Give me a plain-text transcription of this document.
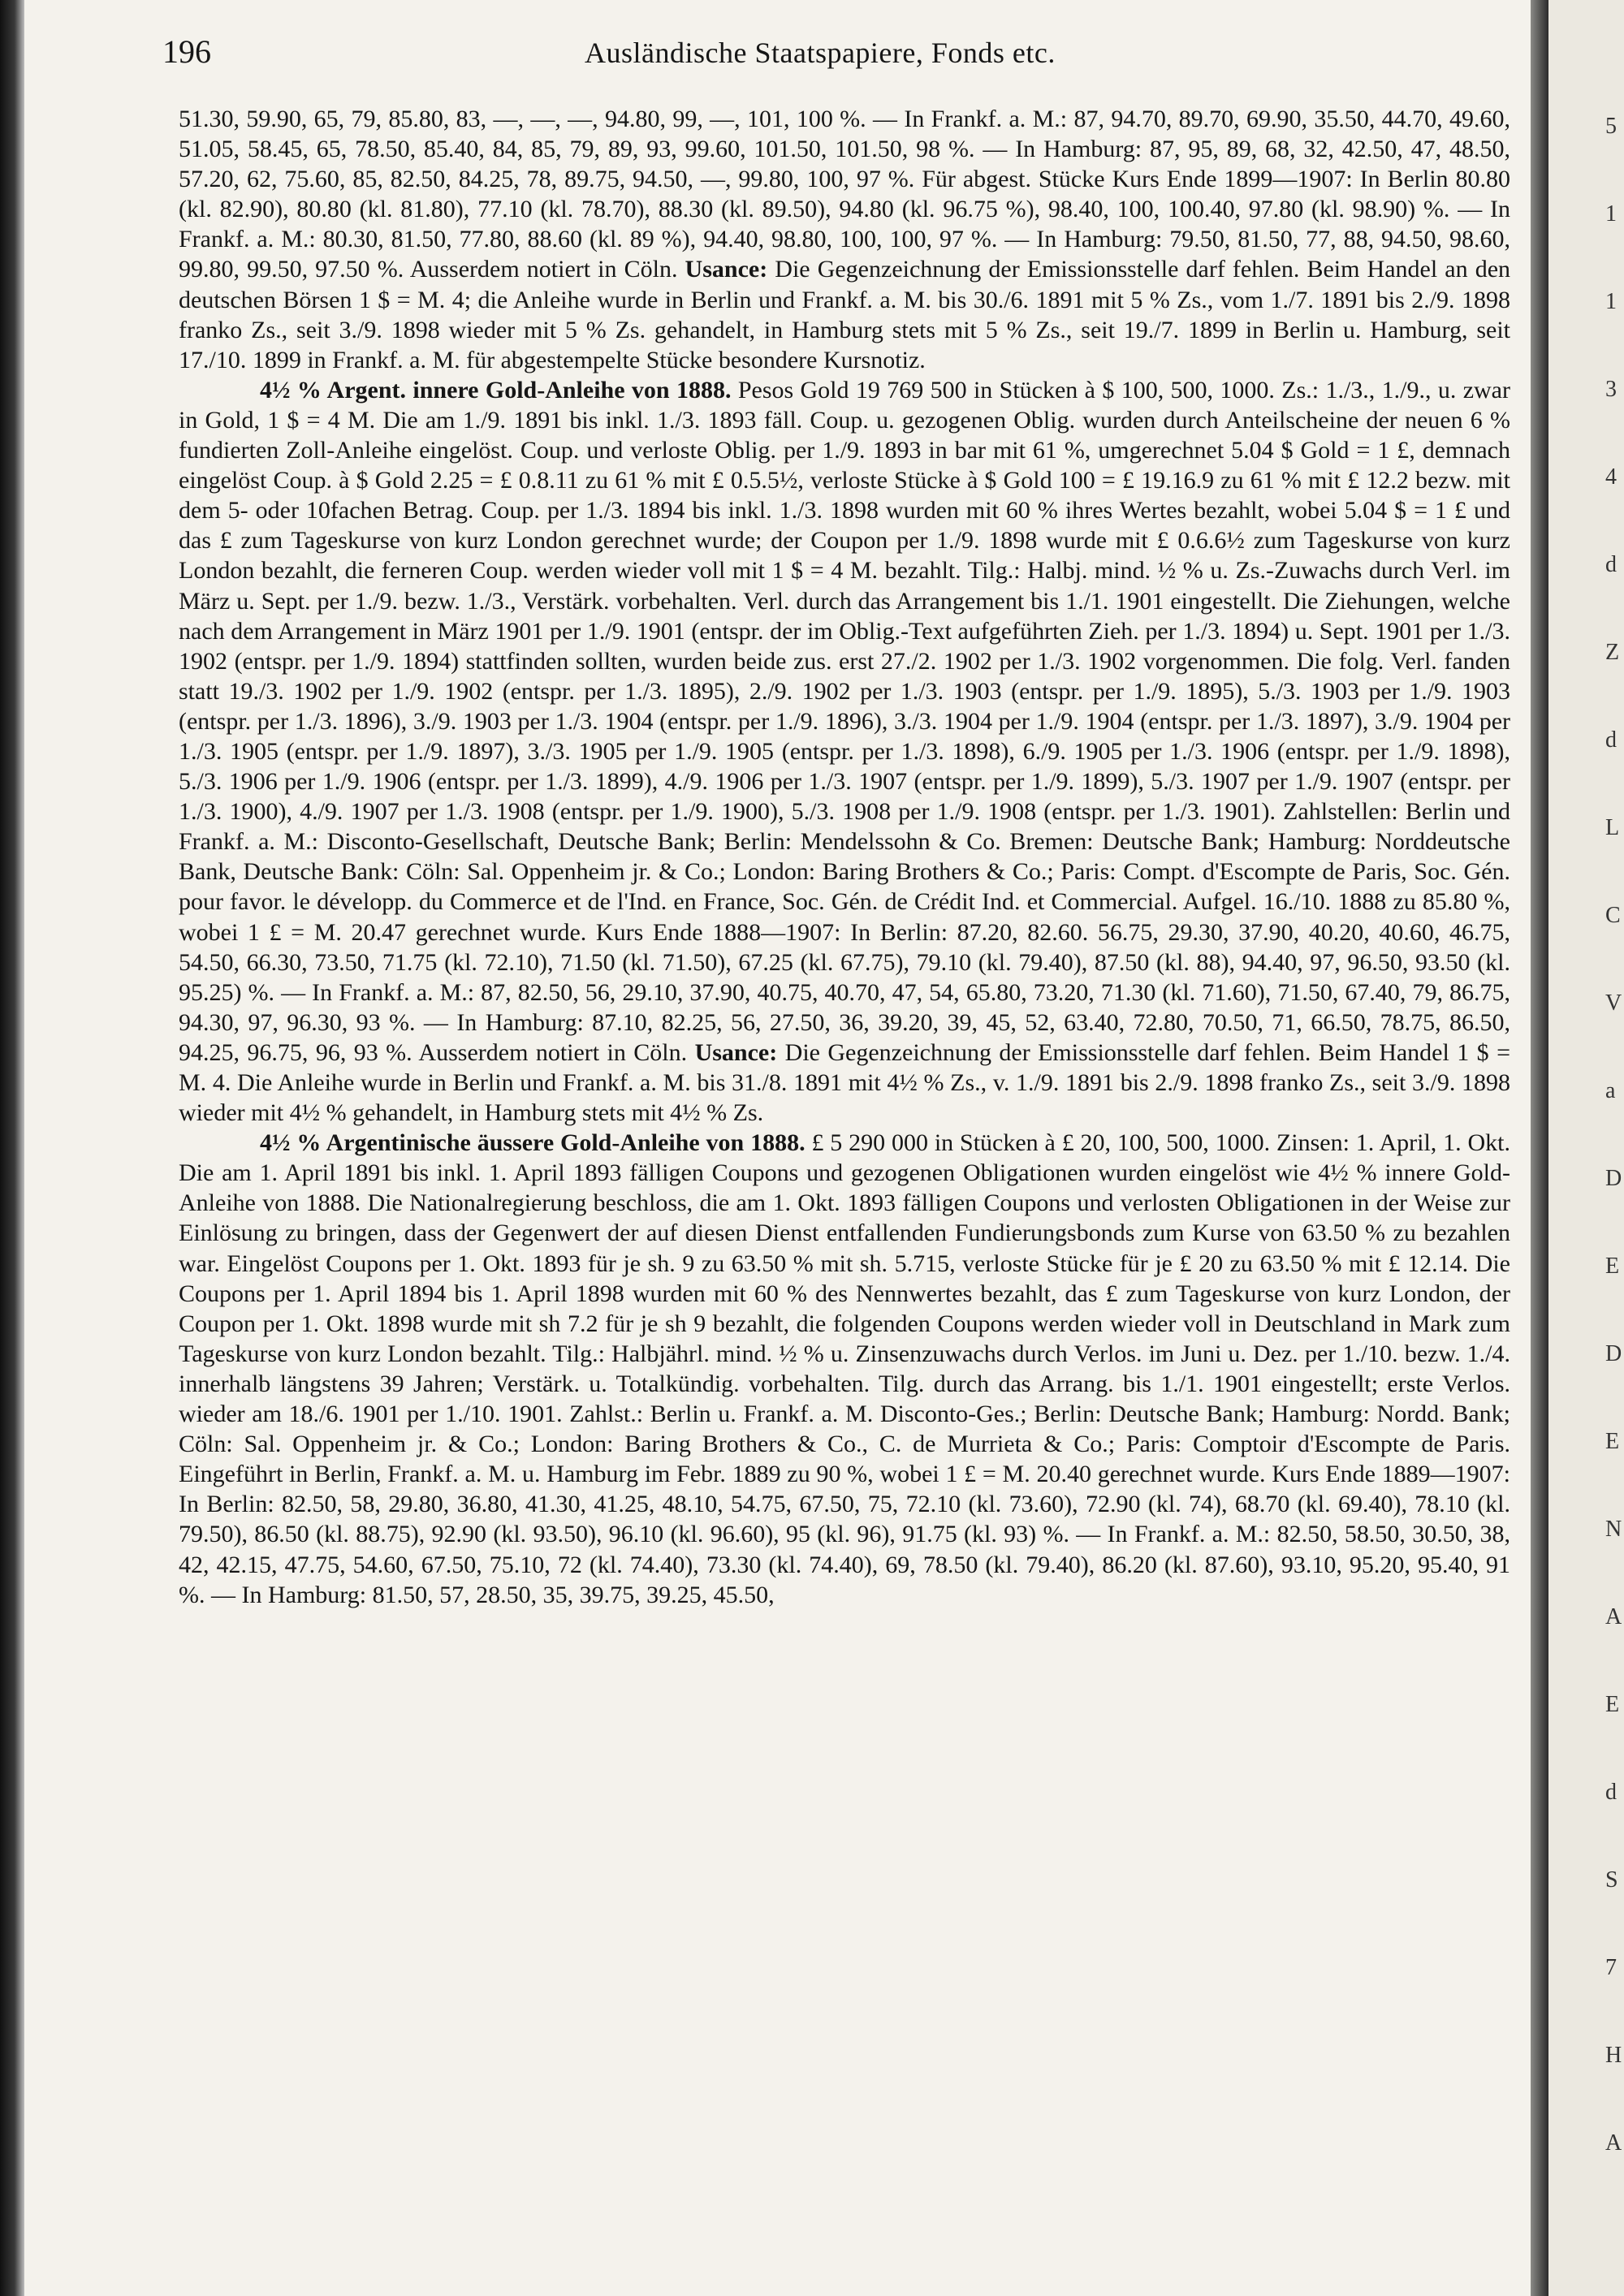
196	Ausländische Staatspapiere, Fonds etc.

51.30, 59.90, 65, 79, 85.80, 83, —, —, —, 94.80, 99, —, 101, 100 %. — In Frankf. a. M.: 87, 94.70, 89.70, 69.90, 35.50, 44.70, 49.60, 51.05, 58.45, 65, 78.50, 85.40, 84, 85, 79, 89, 93, 99.60, 101.50, 101.50, 98 %. — In Hamburg: 87, 95, 89, 68, 32, 42.50, 47, 48.50, 57.20, 62, 75.60, 85, 82.50, 84.25, 78, 89.75, 94.50, —, 99.80, 100, 97 %. Für abgest. Stücke Kurs Ende 1899—1907: In Berlin 80.80 (kl. 82.90), 80.80 (kl. 81.80), 77.10 (kl. 78.70), 88.30 (kl. 89.50), 94.80 (kl. 96.75 %), 98.40, 100, 100.40, 97.80 (kl. 98.90) %. — In Frankf. a. M.: 80.30, 81.50, 77.80, 88.60 (kl. 89 %), 94.40, 98.80, 100, 100, 97 %. — In Hamburg: 79.50, 81.50, 77, 88, 94.50, 98.60, 99.80, 99.50, 97.50 %. Ausserdem notiert in Cöln. Usance: Die Gegenzeichnung der Emissionsstelle darf fehlen. Beim Handel an den deutschen Börsen 1 $ = M. 4; die Anleihe wurde in Berlin und Frankf. a. M. bis 30./6. 1891 mit 5 % Zs., vom 1./7. 1891 bis 2./9. 1898 franko Zs., seit 3./9. 1898 wieder mit 5 % Zs. gehandelt, in Hamburg stets mit 5 % Zs., seit 19./7. 1899 in Berlin u. Hamburg, seit 17./10. 1899 in Frankf. a. M. für abgestempelte Stücke besondere Kursnotiz.

4½ % Argent. innere Gold-Anleihe von 1888. Pesos Gold 19 769 500 in Stücken à $ 100, 500, 1000. Zs.: 1./3., 1./9., u. zwar in Gold, 1 $ = 4 M. Die am 1./9. 1891 bis inkl. 1./3. 1893 fäll. Coup. u. gezogenen Oblig. wurden durch Anteilscheine der neuen 6 % fundierten Zoll-Anleihe eingelöst. Coup. und verloste Oblig. per 1./9. 1893 in bar mit 61 %, umgerechnet 5.04 $ Gold = 1 £, demnach eingelöst Coup. à $ Gold 2.25 = £ 0.8.11 zu 61 % mit £ 0.5.5½, verloste Stücke à $ Gold 100 = £ 19.16.9 zu 61 % mit £ 12.2 bezw. mit dem 5- oder 10fachen Betrag. Coup. per 1./3. 1894 bis inkl. 1./3. 1898 wurden mit 60 % ihres Wertes bezahlt, wobei 5.04 $ = 1 £ und das £ zum Tageskurse von kurz London gerechnet wurde; der Coupon per 1./9. 1898 wurde mit £ 0.6.6½ zum Tageskurse von kurz London bezahlt, die ferneren Coup. werden wieder voll mit 1 $ = 4 M. bezahlt. Tilg.: Halbj. mind. ½ % u. Zs.-Zuwachs durch Verl. im März u. Sept. per 1./9. bezw. 1./3., Verstärk. vorbehalten. Verl. durch das Arrangement bis 1./1. 1901 eingestellt. Die Ziehungen, welche nach dem Arrangement in März 1901 per 1./9. 1901 (entspr. der im Oblig.-Text aufgeführten Zieh. per 1./3. 1894) u. Sept. 1901 per 1./3. 1902 (entspr. per 1./9. 1894) stattfinden sollten, wurden beide zus. erst 27./2. 1902 per 1./3. 1902 vorgenommen. Die folg. Verl. fanden statt 19./3. 1902 per 1./9. 1902 (entspr. per 1./3. 1895), 2./9. 1902 per 1./3. 1903 (entspr. per 1./9. 1895), 5./3. 1903 per 1./9. 1903 (entspr. per 1./3. 1896), 3./9. 1903 per 1./3. 1904 (entspr. per 1./9. 1896), 3./3. 1904 per 1./9. 1904 (entspr. per 1./3. 1897), 3./9. 1904 per 1./3. 1905 (entspr. per 1./9. 1897), 3./3. 1905 per 1./9. 1905 (entspr. per 1./3. 1898), 6./9. 1905 per 1./3. 1906 (entspr. per 1./9. 1898), 5./3. 1906 per 1./9. 1906 (entspr. per 1./3. 1899), 4./9. 1906 per 1./3. 1907 (entspr. per 1./9. 1899), 5./3. 1907 per 1./9. 1907 (entspr. per 1./3. 1900), 4./9. 1907 per 1./3. 1908 (entspr. per 1./9. 1900), 5./3. 1908 per 1./9. 1908 (entspr. per 1./3. 1901). Zahlstellen: Berlin und Frankf. a. M.: Disconto-Gesellschaft, Deutsche Bank; Berlin: Mendelssohn & Co. Bremen: Deutsche Bank; Hamburg: Norddeutsche Bank, Deutsche Bank: Cöln: Sal. Oppenheim jr. & Co.; London: Baring Brothers & Co.; Paris: Compt. d'Escompte de Paris, Soc. Gén. pour favor. le développ. du Commerce et de l'Ind. en France, Soc. Gén. de Crédit Ind. et Commercial. Aufgel. 16./10. 1888 zu 85.80 %, wobei 1 £ = M. 20.47 gerechnet wurde. Kurs Ende 1888—1907: In Berlin: 87.20, 82.60. 56.75, 29.30, 37.90, 40.20, 40.60, 46.75, 54.50, 66.30, 73.50, 71.75 (kl. 72.10), 71.50 (kl. 71.50), 67.25 (kl. 67.75), 79.10 (kl. 79.40), 87.50 (kl. 88), 94.40, 97, 96.50, 93.50 (kl. 95.25) %. — In Frankf. a. M.: 87, 82.50, 56, 29.10, 37.90, 40.75, 40.70, 47, 54, 65.80, 73.20, 71.30 (kl. 71.60), 71.50, 67.40, 79, 86.75, 94.30, 97, 96.30, 93 %. — In Hamburg: 87.10, 82.25, 56, 27.50, 36, 39.20, 39, 45, 52, 63.40, 72.80, 70.50, 71, 66.50, 78.75, 86.50, 94.25, 96.75, 96, 93 %. Ausserdem notiert in Cöln. Usance: Die Gegenzeichnung der Emissionsstelle darf fehlen. Beim Handel 1 $ = M. 4. Die Anleihe wurde in Berlin und Frankf. a. M. bis 31./8. 1891 mit 4½ % Zs., v. 1./9. 1891 bis 2./9. 1898 franko Zs., seit 3./9. 1898 wieder mit 4½ % gehandelt, in Hamburg stets mit 4½ % Zs.

4½ % Argentinische äussere Gold-Anleihe von 1888. £ 5 290 000 in Stücken à £ 20, 100, 500, 1000. Zinsen: 1. April, 1. Okt. Die am 1. April 1891 bis inkl. 1. April 1893 fälligen Coupons und gezogenen Obligationen wurden eingelöst wie 4½ % innere Gold-Anleihe von 1888. Die Nationalregierung beschloss, die am 1. Okt. 1893 fälligen Coupons und verlosten Obligationen in der Weise zur Einlösung zu bringen, dass der Gegenwert der auf diesen Dienst entfallenden Fundierungsbonds zum Kurse von 63.50 % zu bezahlen war. Eingelöst Coupons per 1. Okt. 1893 für je sh. 9 zu 63.50 % mit sh. 5.715, verloste Stücke für je £ 20 zu 63.50 % mit £ 12.14. Die Coupons per 1. April 1894 bis 1. April 1898 wurden mit 60 % des Nennwertes bezahlt, das £ zum Tageskurse von kurz London, der Coupon per 1. Okt. 1898 wurde mit sh 7.2 für je sh 9 bezahlt, die folgenden Coupons werden wieder voll in Deutschland in Mark zum Tageskurse von kurz London bezahlt. Tilg.: Halbjährl. mind. ½ % u. Zinsenzuwachs durch Verlos. im Juni u. Dez. per 1./10. bezw. 1./4. innerhalb längstens 39 Jahren; Verstärk. u. Totalkündig. vorbehalten. Tilg. durch das Arrang. bis 1./1. 1901 eingestellt; erste Verlos. wieder am 18./6. 1901 per 1./10. 1901. Zahlst.: Berlin u. Frankf. a. M. Disconto-Ges.; Berlin: Deutsche Bank; Hamburg: Nordd. Bank; Cöln: Sal. Oppenheim jr. & Co.; London: Baring Brothers & Co., C. de Murrieta & Co.; Paris: Comptoir d'Escompte de Paris. Eingeführt in Berlin, Frankf. a. M. u. Hamburg im Febr. 1889 zu 90 %, wobei 1 £ = M. 20.40 gerechnet wurde. Kurs Ende 1889—1907: In Berlin: 82.50, 58, 29.80, 36.80, 41.30, 41.25, 48.10, 54.75, 67.50, 75, 72.10 (kl. 73.60), 72.90 (kl. 74), 68.70 (kl. 69.40), 78.10 (kl. 79.50), 86.50 (kl. 88.75), 92.90 (kl. 93.50), 96.10 (kl. 96.60), 95 (kl. 96), 91.75 (kl. 93) %. — In Frankf. a. M.: 82.50, 58.50, 30.50, 38, 42, 42.15, 47.75, 54.60, 67.50, 75.10, 72 (kl. 74.40), 73.30 (kl. 74.40), 69, 78.50 (kl. 79.40), 86.20 (kl. 87.60), 93.10, 95.20, 95.40, 91 %. — In Hamburg: 81.50, 57, 28.50, 35, 39.75, 39.25, 45.50,

5
1
1
3
4
d
Z
d
L
C
V
a
D
E
D
E
N
A
E
d
S
7
H
A
